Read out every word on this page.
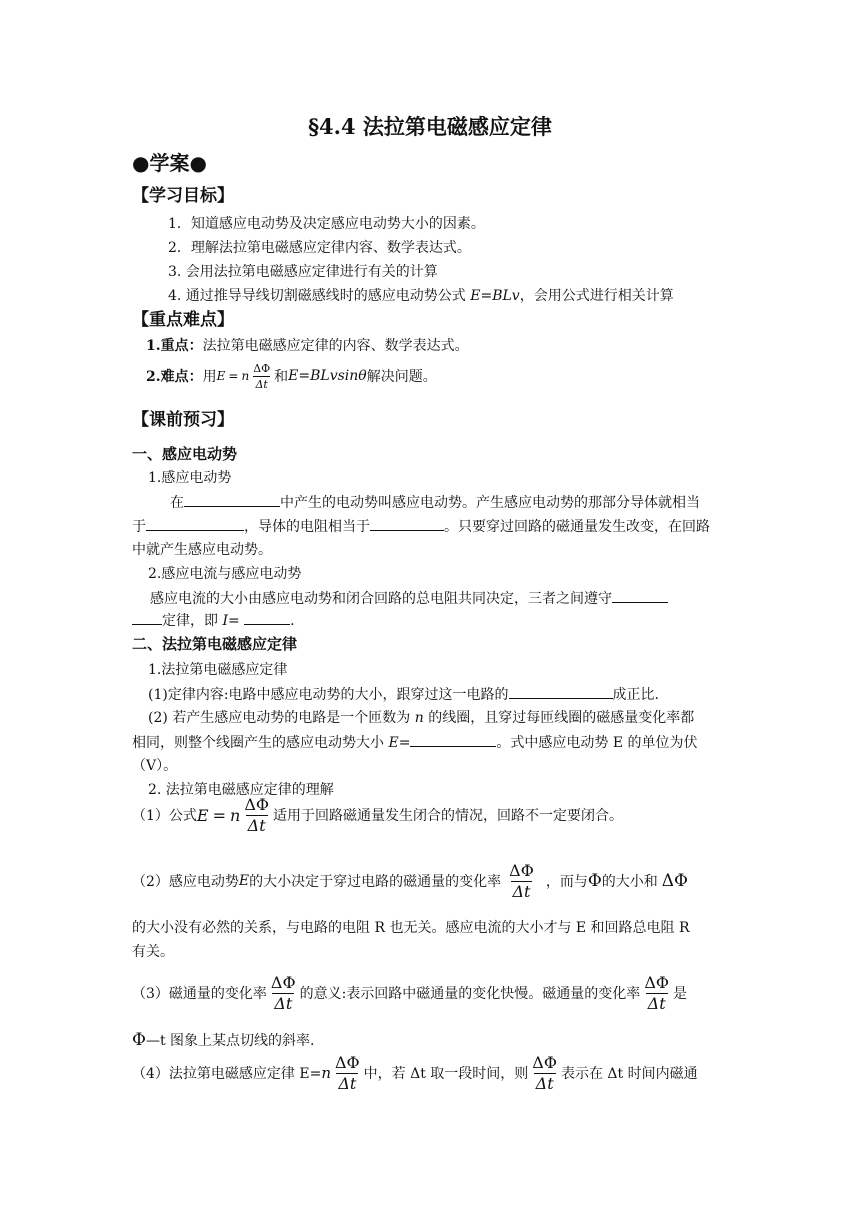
§4.4 法拉第电磁感应定律
●学案●
【学习目标】
1．知道感应电动势及决定感应电动势大小的因素。
2．理解法拉第电磁感应定律内容、数学表达式。
3. 会用法拉第电磁感应定律进行有关的计算
4. 通过推导导线切割磁感线时的感应电动势公式 E=BLv，会用公式进行相关计算
【重点难点】
1.重点：法拉第电磁感应定律的内容、数学表达式。
2.难点： 用 E = n $\frac{\Delta\Phi}{\Delta t}$ 和 E=BLvsinθ 解决问题。
【课前预习】
一、感应电动势
1.感应电动势
在	中产生的电动势叫感应电动势。产生感应电动势的那部分导体就相当
于	，导体的电阻相当于	。只要穿过回路的磁通量发生改变，在回路
中就产生感应电动势。
2.感应电流与感应电动势
感应电流的大小由感应电动势和闭合回路的总电阻共同决定，三者之间遵守
定律，即 I=	.
二、法拉第电磁感应定律
1.法拉第电磁感应定律
(1)定律内容:电路中感应电动势的大小，跟穿过这一电路的	成正比.
(2) 若产生感应电动势的电路是一个匝数为 n 的线圈，且穿过每匝线圈的磁感量变化率都
相同，则整个线圈产生的感应电动势大小 E=	。式中感应电动势 E 的单位为伏
（V）。
2. 法拉第电磁感应定律的理解
（1）公式 E = n $\frac{\Delta\Phi}{\Delta t}$ 适用于回路磁通量发生闭合的情况，回路不一定要闭合。
（2）感应电动势 E 的大小决定于穿过电路的磁通量的变化率 $\frac{\Delta\Phi}{\Delta t}$ ，而与 Φ 的大小和 ΔΦ
的大小没有必然的关系，与电路的电阻 R 也无关。感应电流的大小才与 E 和回路总电阻 R
有关。
（3）磁通量的变化率 $\frac{\Delta\Phi}{\Delta t}$ 的意义:表示回路中磁通量的变化快慢。磁通量的变化率 $\frac{\Delta\Phi}{\Delta t}$ 是
Φ—t 图象上某点切线的斜率.
（4）法拉第电磁感应定律 E= n $\frac{\Delta\Phi}{\Delta t}$ 中，若 Δt 取一段时间，则 $\frac{\Delta\Phi}{\Delta t}$ 表示在 Δt 时间内磁通
